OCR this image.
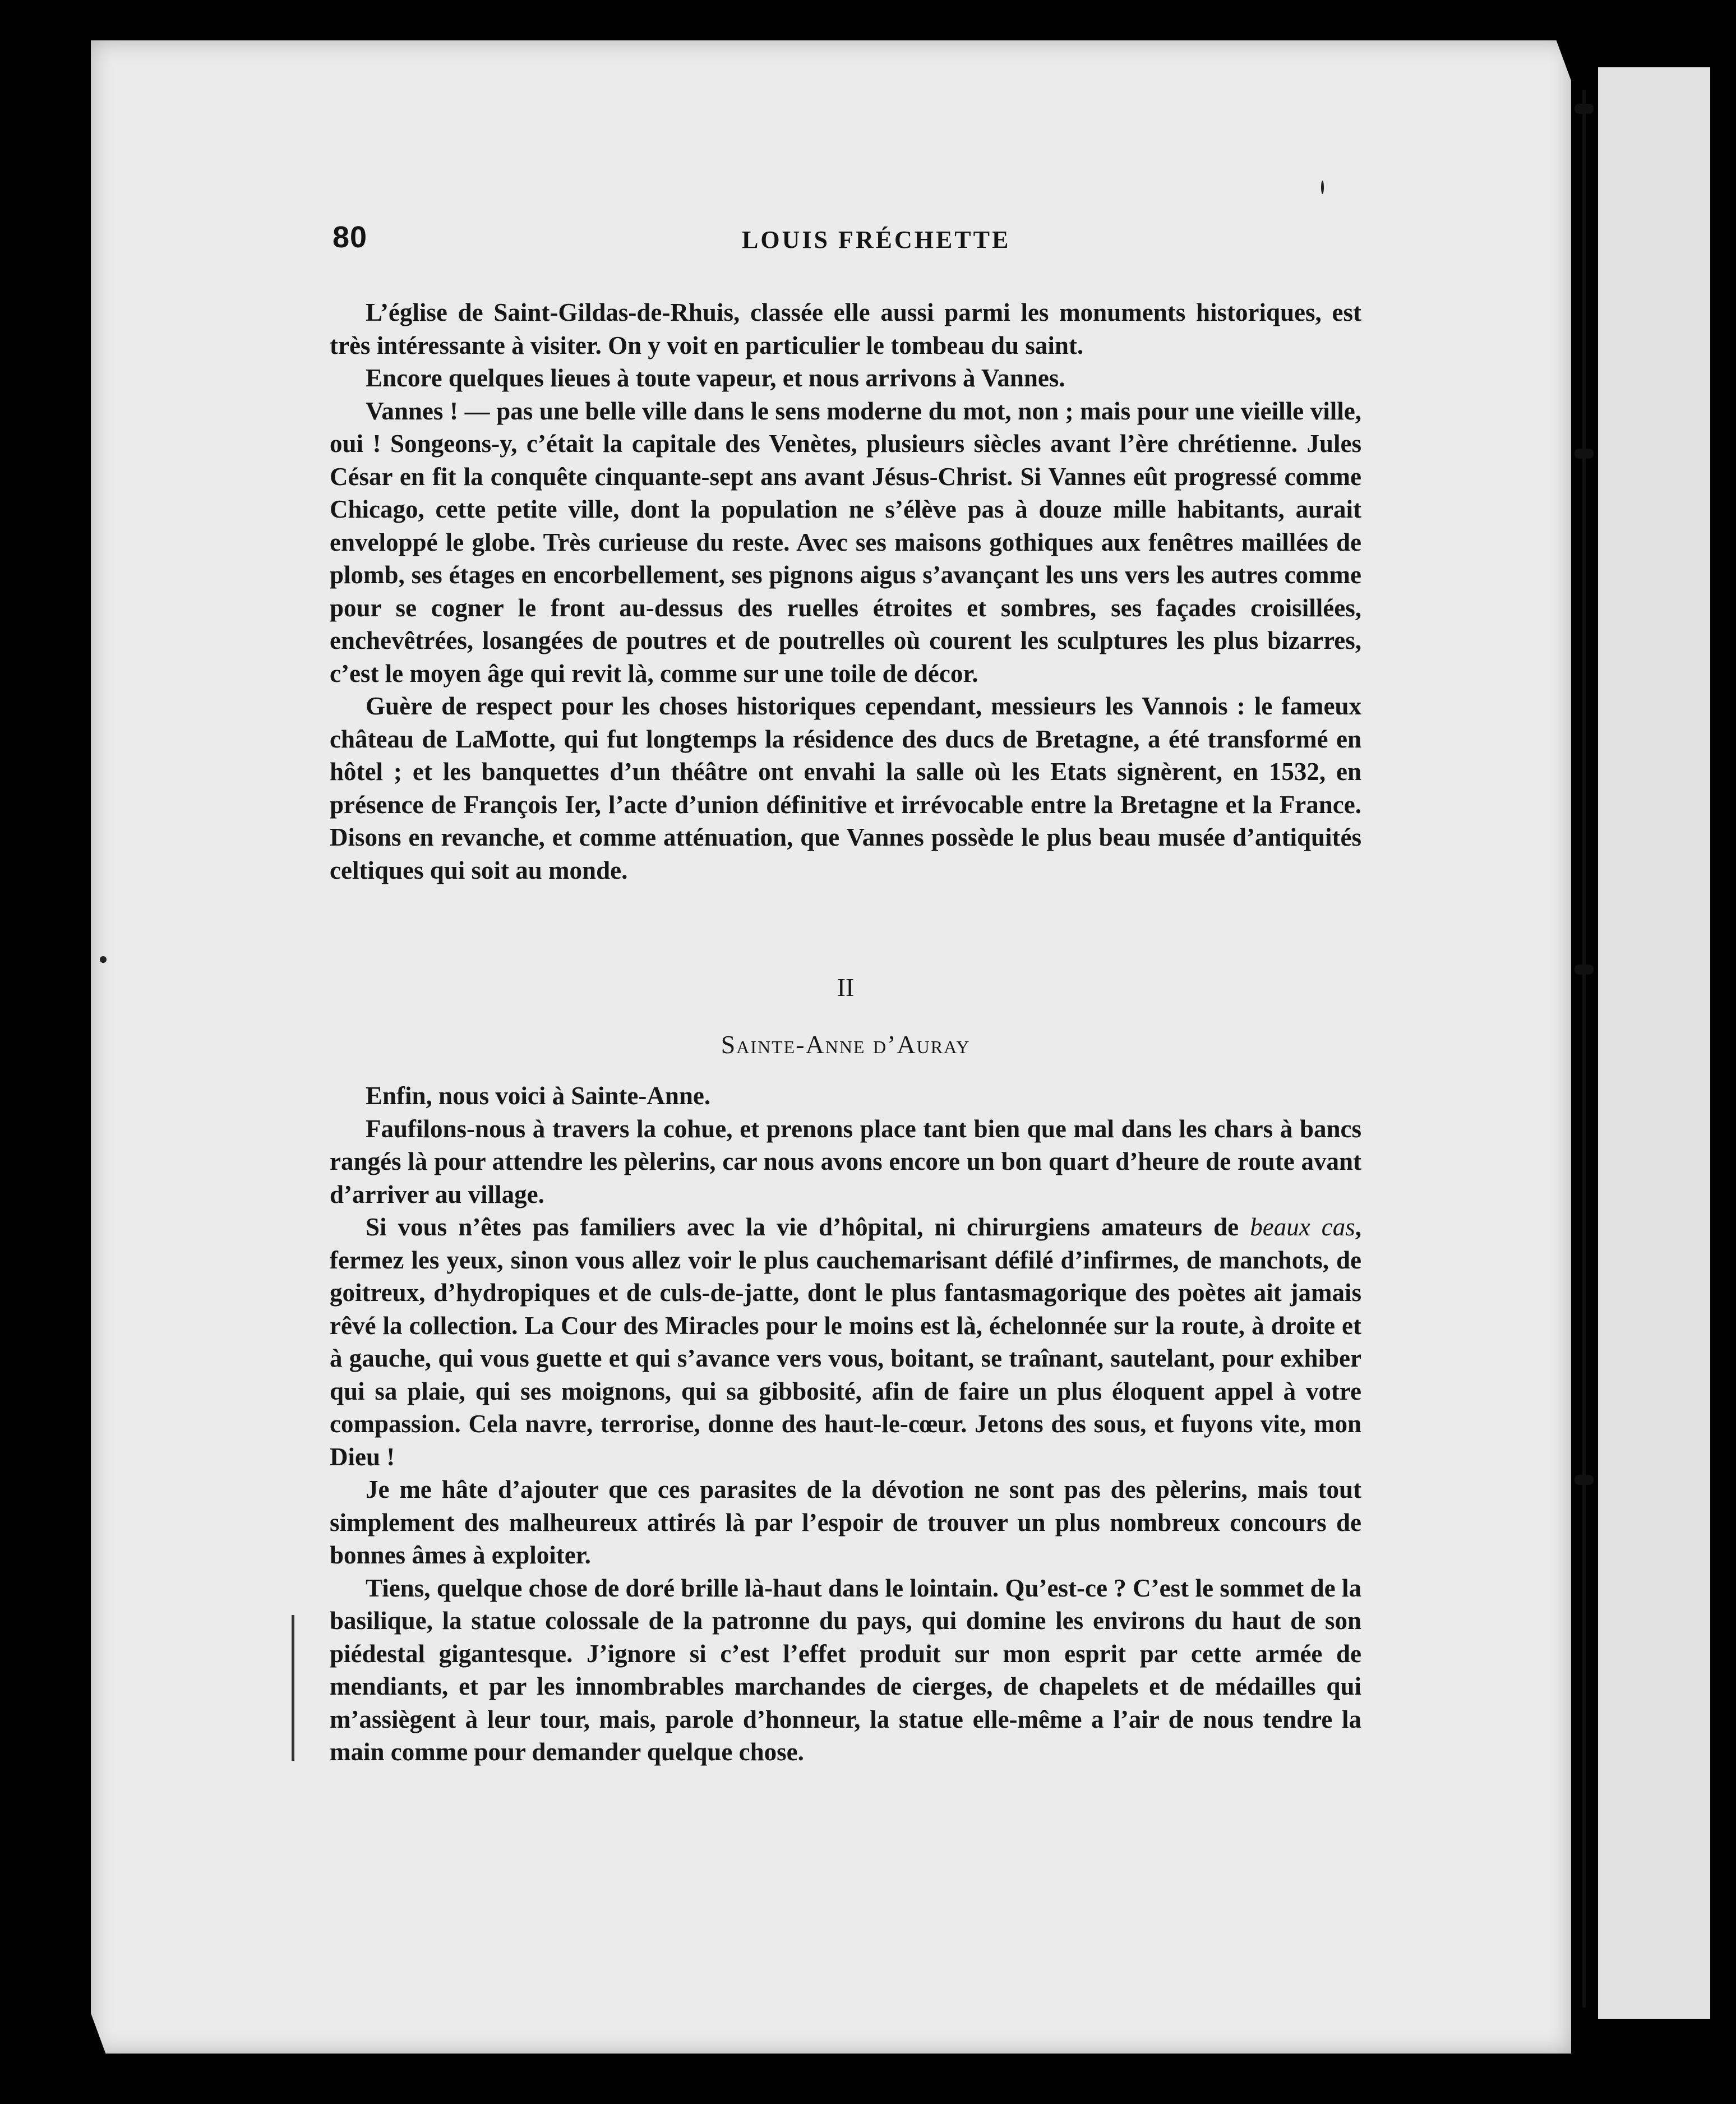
80	LOUIS FRÉCHETTE

L’église de Saint-Gildas-de-Rhuis, classée elle aussi parmi les monuments historiques, est très intéressante à visiter. On y voit en particulier le tombeau du saint.

Encore quelques lieues à toute vapeur, et nous arrivons à Vannes.

Vannes ! — pas une belle ville dans le sens moderne du mot, non ; mais pour une vieille ville, oui ! Songeons-y, c’était la capitale des Venètes, plusieurs siècles avant l’ère chrétienne. Jules César en fit la conquête cinquante-sept ans avant Jésus-Christ. Si Vannes eût progressé comme Chicago, cette petite ville, dont la population ne s’élève pas à douze mille habitants, aurait enveloppé le globe. Très curieuse du reste. Avec ses maisons gothiques aux fenêtres maillées de plomb, ses étages en encorbellement, ses pignons aigus s’avançant les uns vers les autres comme pour se cogner le front au-dessus des ruelles étroites et sombres, ses façades croisillées, enchevêtrées, losangées de poutres et de poutrelles où courent les sculptures les plus bizarres, c’est le moyen âge qui revit là, comme sur une toile de décor.

Guère de respect pour les choses historiques cependant, messieurs les Vannois : le fameux château de LaMotte, qui fut longtemps la résidence des ducs de Bretagne, a été transformé en hôtel ; et les banquettes d’un théâtre ont envahi la salle où les Etats signèrent, en 1532, en présence de François Ier, l’acte d’union définitive et irrévocable entre la Bretagne et la France. Disons en revanche, et comme atténuation, que Vannes possède le plus beau musée d’antiquités celtiques qui soit au monde.

II
Sainte-Anne d’Auray

Enfin, nous voici à Sainte-Anne.

Faufilons-nous à travers la cohue, et prenons place tant bien que mal dans les chars à bancs rangés là pour attendre les pèlerins, car nous avons encore un bon quart d’heure de route avant d’arriver au village.

Si vous n’êtes pas familiers avec la vie d’hôpital, ni chirurgiens amateurs de beaux cas, fermez les yeux, sinon vous allez voir le plus cauchemarisant défilé d’infirmes, de manchots, de goitreux, d’hydropiques et de culs-de-jatte, dont le plus fantasmagorique des poètes ait jamais rêvé la collection. La Cour des Miracles pour le moins est là, échelonnée sur la route, à droite et à gauche, qui vous guette et qui s’avance vers vous, boitant, se traînant, sautelant, pour exhiber qui sa plaie, qui ses moignons, qui sa gibbosité, afin de faire un plus éloquent appel à votre compassion. Cela navre, terrorise, donne des haut-le-cœur. Jetons des sous, et fuyons vite, mon Dieu !

Je me hâte d’ajouter que ces parasites de la dévotion ne sont pas des pèlerins, mais tout simplement des malheureux attirés là par l’espoir de trouver un plus nombreux concours de bonnes âmes à exploiter.

Tiens, quelque chose de doré brille là-haut dans le lointain. Qu’est-ce ? C’est le sommet de la basilique, la statue colossale de la patronne du pays, qui domine les environs du haut de son piédestal gigantesque. J’ignore si c’est l’effet produit sur mon esprit par cette armée de mendiants, et par les innombrables marchandes de cierges, de chapelets et de médailles qui m’assiègent à leur tour, mais, parole d’honneur, la statue elle-même a l’air de nous tendre la main comme pour demander quelque chose.
